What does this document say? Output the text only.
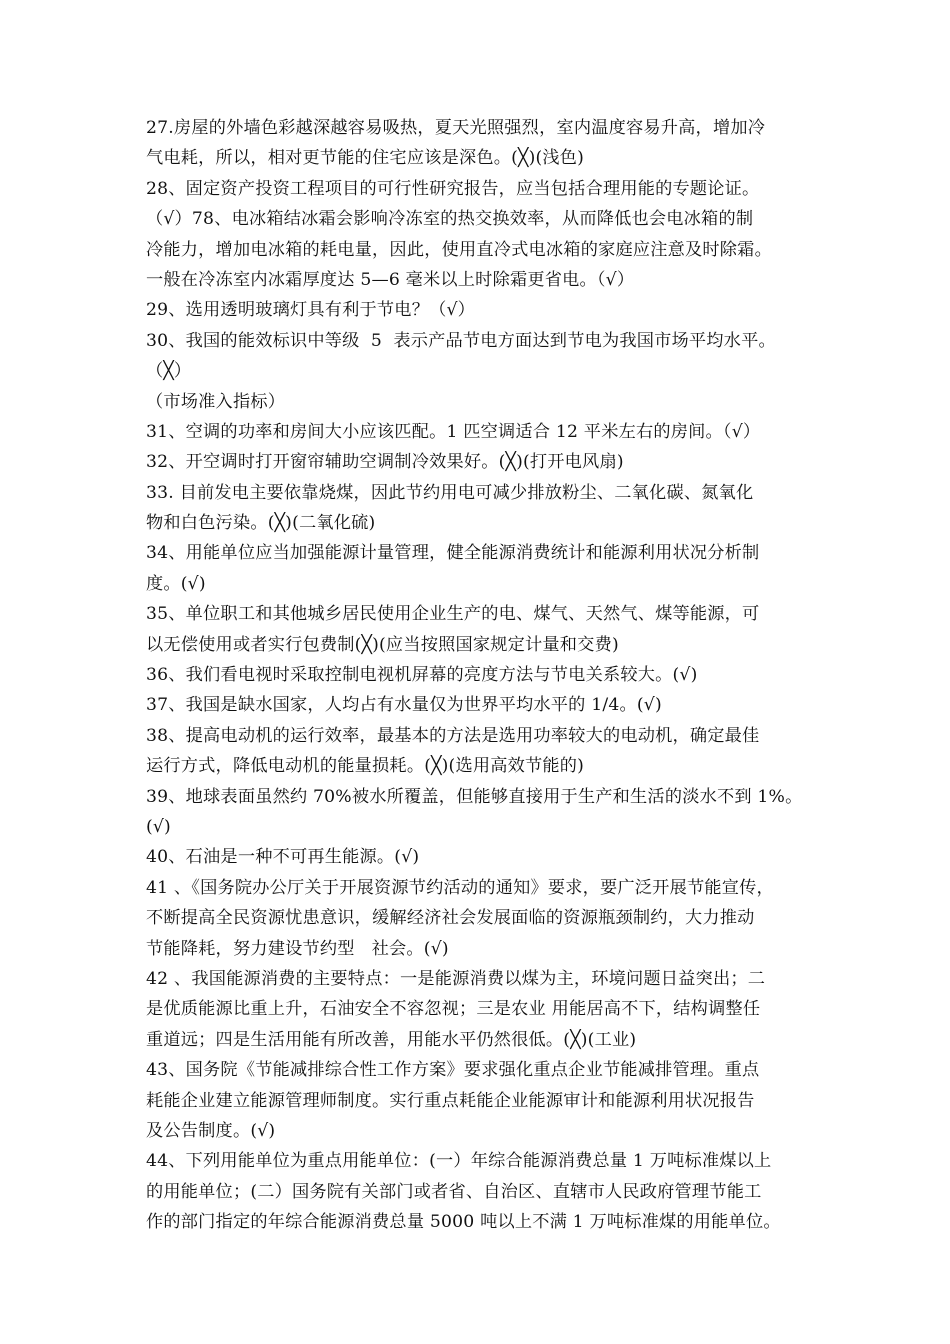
27.房屋的外墙色彩越深越容易吸热，夏天光照强烈，室内温度容易升高，增加冷
气电耗，所以，相对更节能的住宅应该是深色。(╳)(浅色)
28、固定资产投资工程项目的可行性研究报告，应当包括合理用能的专题论证。
（√）78、电冰箱结冰霜会影响冷冻室的热交换效率，从而降低也会电冰箱的制
冷能力，增加电冰箱的耗电量，因此，使用直冷式电冰箱的家庭应注意及时除霜。
一般在冷冻室内冰霜厚度达 5—6 毫米以上时除霜更省电。（√）
29、选用透明玻璃灯具有利于节电？（√）
30、我国的能效标识中等级  5  表示产品节电方面达到节电为我国市场平均水平。
（╳）
（市场准入指标）
31、空调的功率和房间大小应该匹配。1 匹空调适合 12 平米左右的房间。（√）
32、开空调时打开窗帘辅助空调制冷效果好。(╳)(打开电风扇)
33. 目前发电主要依靠烧煤，因此节约用电可减少排放粉尘、二氧化碳、氮氧化
物和白色污染。(╳)(二氧化硫)
34、用能单位应当加强能源计量管理，健全能源消费统计和能源利用状况分析制
度。(√)
35、单位职工和其他城乡居民使用企业生产的电、煤气、天然气、煤等能源，可
以无偿使用或者实行包费制(╳)(应当按照国家规定计量和交费)
36、我们看电视时采取控制电视机屏幕的亮度方法与节电关系较大。(√)
37、我国是缺水国家，人均占有水量仅为世界平均水平的 1/4。(√)
38、提高电动机的运行效率，最基本的方法是选用功率较大的电动机，确定最佳
运行方式，降低电动机的能量损耗。(╳)(选用高效节能的)
39、地球表面虽然约 70%被水所覆盖，但能够直接用于生产和生活的淡水不到 1%。
(√)
40、石油是一种不可再生能源。(√)
41 、《国务院办公厅关于开展资源节约活动的通知》要求，要广泛开展节能宣传，
不断提高全民资源忧患意识，缓解经济社会发展面临的资源瓶颈制约，大力推动
节能降耗，努力建设节约型   社会。(√)
42 、我国能源消费的主要特点：一是能源消费以煤为主，环境问题日益突出；二
是优质能源比重上升，石油安全不容忽视；三是农业 用能居高不下，结构调整任
重道远；四是生活用能有所改善，用能水平仍然很低。(╳)(工业)
43、国务院《节能减排综合性工作方案》要求强化重点企业节能减排管理。重点
耗能企业建立能源管理师制度。实行重点耗能企业能源审计和能源利用状况报告
及公告制度。(√)
44、下列用能单位为重点用能单位：(一）年综合能源消费总量 1 万吨标准煤以上
的用能单位；(二）国务院有关部门或者省、自治区、直辖市人民政府管理节能工
作的部门指定的年综合能源消费总量 5000 吨以上不满 1 万吨标准煤的用能单位。
